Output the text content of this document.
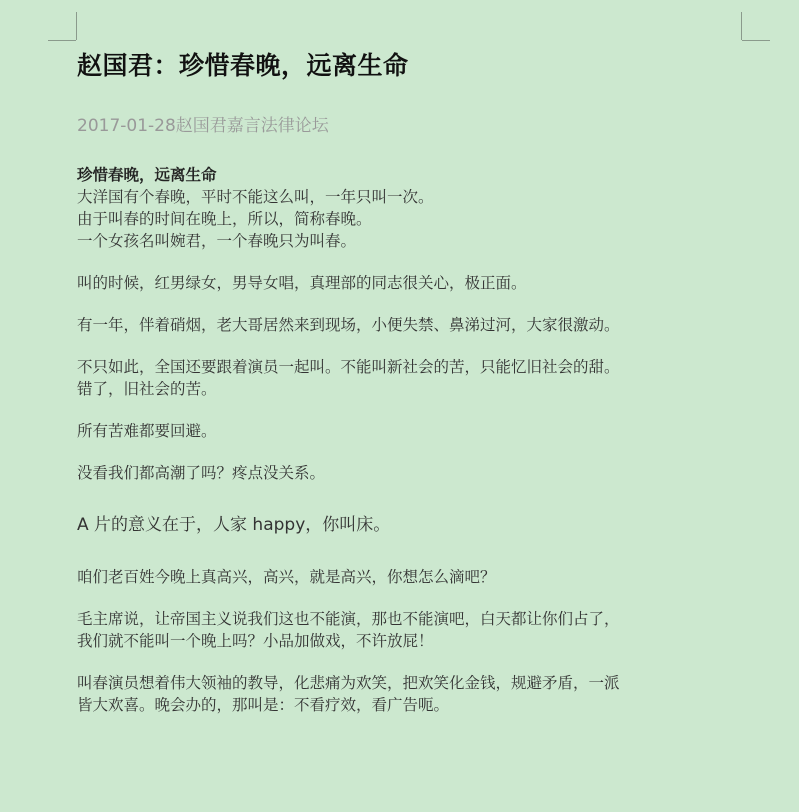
赵国君：珍惜春晚，远离生命
2017-01-28赵国君嘉言法律论坛

珍惜春晚，远离生命

大洋国有个春晚，平时不能这么叫，一年只叫一次。

由于叫春的时间在晚上，所以，简称春晚。

一个女孩名叫婉君，一个春晚只为叫春。

叫的时候，红男绿女，男导女唱，真理部的同志很关心，极正面。

有一年，伴着硝烟，老大哥居然来到现场，小便失禁、鼻涕过河，大家很激动。

不只如此，全国还要跟着演员一起叫。不能叫新社会的苦，只能忆旧社会的甜。

错了，旧社会的苦。

所有苦难都要回避。

没看我们都高潮了吗？疼点没关系。

A 片的意义在于，人家 happy，你叫床。

咱们老百姓今晚上真高兴，高兴，就是高兴，你想怎么滴吧？

毛主席说，让帝国主义说我们这也不能演，那也不能演吧，白天都让你们占了，

我们就不能叫一个晚上吗？小品加做戏，不许放屁！

叫春演员想着伟大领袖的教导，化悲痛为欢笑，把欢笑化金钱，规避矛盾，一派

皆大欢喜。晚会办的，那叫是：不看疗效，看广告呃。
